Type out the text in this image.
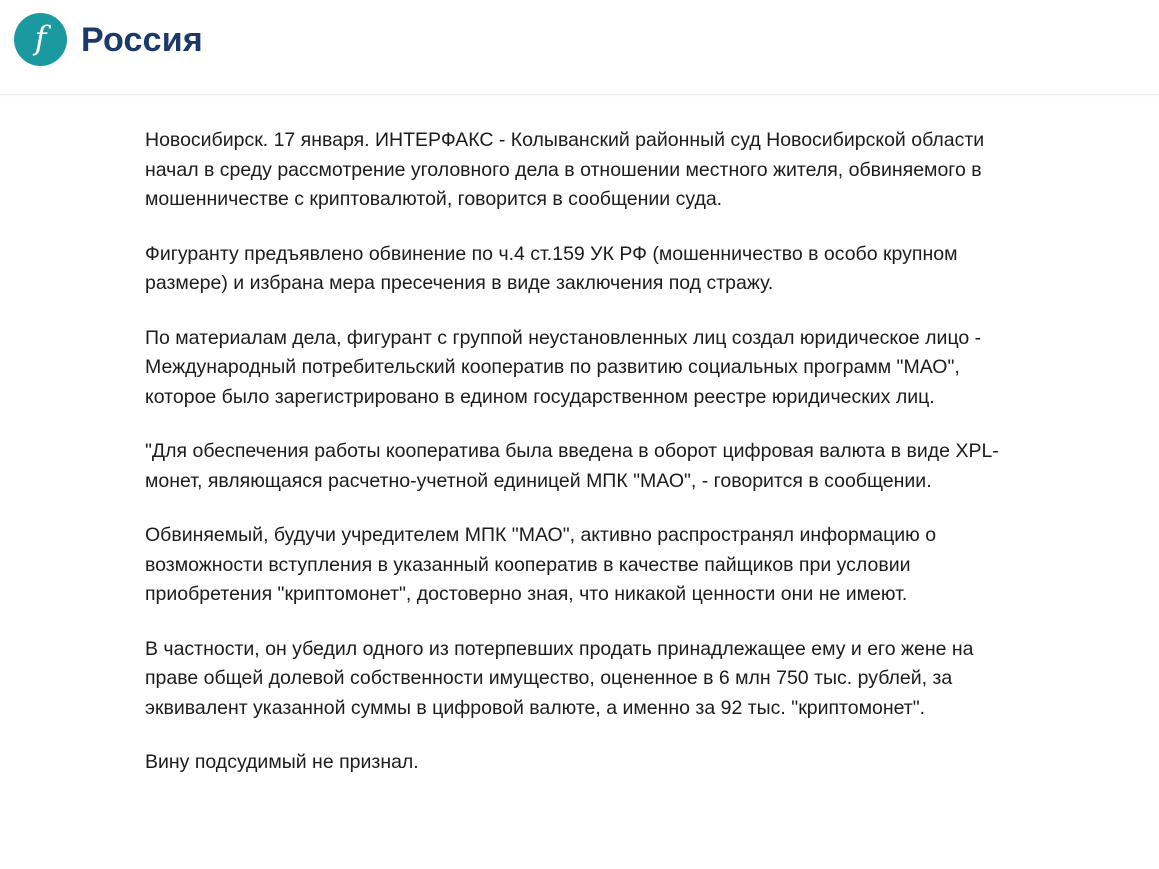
f Россия

Новосибирск. 17 января. ИНТЕРФАКС - Колыванский районный суд Новосибирской области начал в среду рассмотрение уголовного дела в отношении местного жителя, обвиняемого в мошенничестве с криптовалютой, говорится в сообщении суда.

Фигуранту предъявлено обвинение по ч.4 ст.159 УК РФ (мошенничество в особо крупном размере) и избрана мера пресечения в виде заключения под стражу.

По материалам дела, фигурант с группой неустановленных лиц создал юридическое лицо - Международный потребительский кооператив по развитию социальных программ "МАО", которое было зарегистрировано в едином государственном реестре юридических лиц.

"Для обеспечения работы кооператива была введена в оборот цифровая валюта в виде XPL-монет, являющаяся расчетно-учетной единицей МПК "МАО", - говорится в сообщении.

Обвиняемый, будучи учредителем МПК "МАО", активно распространял информацию о возможности вступления в указанный кооператив в качестве пайщиков при условии приобретения "криптомонет", достоверно зная, что никакой ценности они не имеют.

В частности, он убедил одного из потерпевших продать принадлежащее ему и его жене на праве общей долевой собственности имущество, оцененное в 6 млн 750 тыс. рублей, за эквивалент указанной суммы в цифровой валюте, а именно за 92 тыс. "криптомонет".

Вину подсудимый не признал.
